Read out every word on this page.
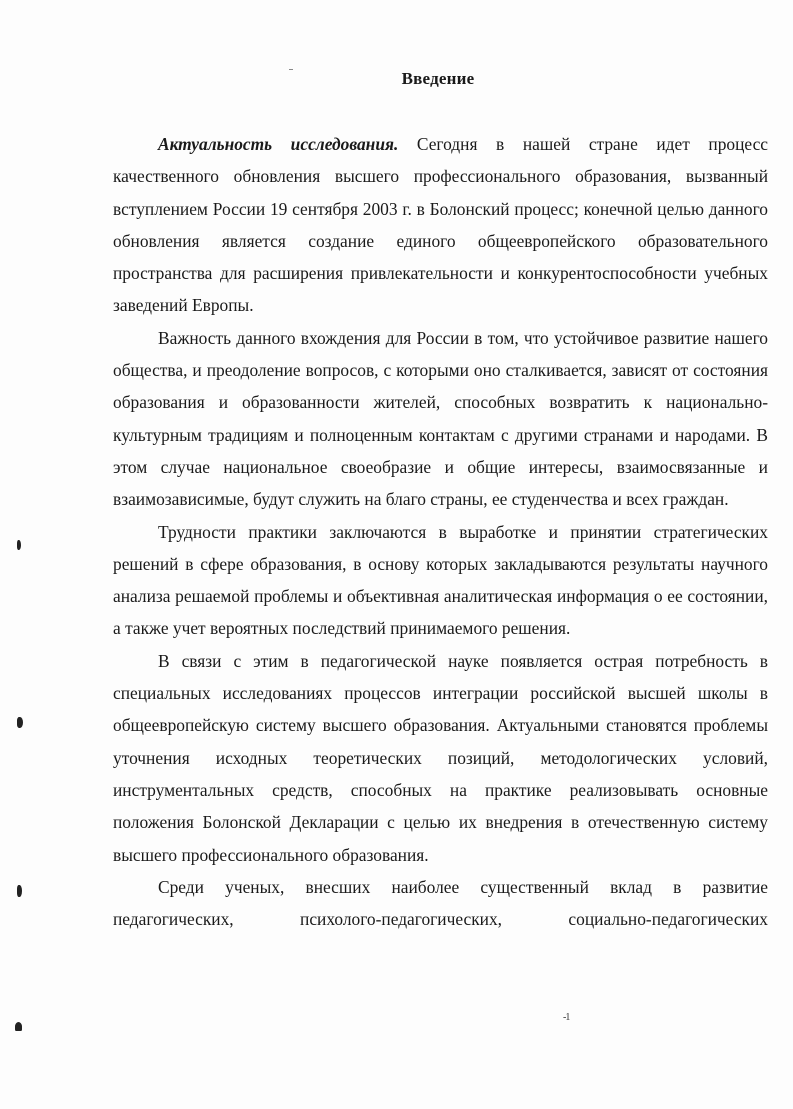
Введение

Актуальность исследования. Сегодня в нашей стране идет процесс качественного обновления высшего профессионального образования, вызванный вступлением России 19 сентября 2003 г. в Болонский процесс; конечной целью данного обновления является создание единого общеевропейского образовательного пространства для расширения привлекательности и конкурентоспособности учебных заведений Европы.

Важность данного вхождения для России в том, что устойчивое развитие нашего общества, и преодоление вопросов, с которыми оно сталкивается, зависят от состояния образования и образованности жителей, способных возвратить к национально-культурным традициям и полноценным контактам с другими странами и народами. В этом случае национальное своеобразие и общие интересы, взаимосвязанные и взаимозависимые, будут служить на благо страны, ее студенчества и всех граждан.

Трудности практики заключаются в выработке и принятии стратегических решений в сфере образования, в основу которых закладываются результаты научного анализа решаемой проблемы и объективная аналитическая информация о ее состоянии, а также учет вероятных последствий принимаемого решения.

В связи с этим в педагогической науке появляется острая потребность в специальных исследованиях процессов интеграции российской высшей школы в общеевропейскую систему высшего образования. Актуальными становятся проблемы уточнения исходных теоретических позиций, методологических условий, инструментальных средств, способных на практике реализовывать основные положения Болонской Декларации с целью их внедрения в отечественную систему высшего профессионального образования.

Среди ученых, внесших наиболее существенный вклад в развитие педагогических, психолого-педагогических, социально-педагогических

-1
